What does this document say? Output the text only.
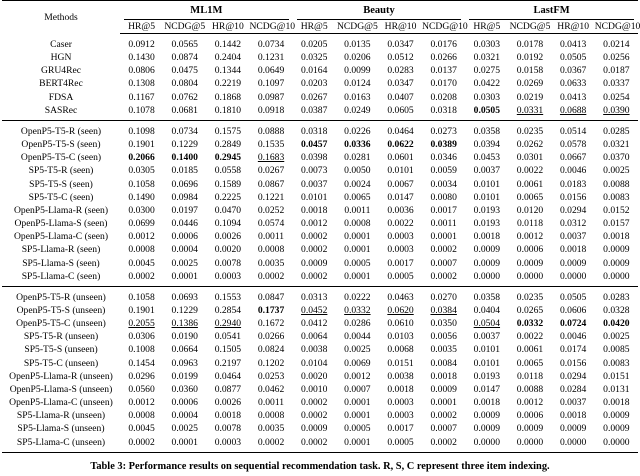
Methods	ML1M				Beauty				LastFM			

	HR@5	NCDG@5	HR@10	NCDG@10	HR@5	NCDG@5	HR@10	NCDG@10	HR@5	NCDG@5	HR@10	NCDG@10
Caser	0.0912	0.0565	0.1442	0.0734	0.0205	0.0135	0.0347	0.0176	0.0303	0.0178	0.0413	0.0214
HGN	0.1430	0.0874	0.2404	0.1231	0.0325	0.0206	0.0512	0.0266	0.0321	0.0192	0.0505	0.0256
GRU4Rec	0.0806	0.0475	0.1344	0.0649	0.0164	0.0099	0.0283	0.0137	0.0275	0.0158	0.0367	0.0187
BERT4Rec	0.1308	0.0804	0.2219	0.1097	0.0203	0.0124	0.0347	0.0170	0.0422	0.0269	0.0633	0.0337
FDSA	0.1167	0.0762	0.1868	0.0987	0.0267	0.0163	0.0407	0.0208	0.0303	0.0219	0.0413	0.0254
SASRec	0.1078	0.0681	0.1810	0.0918	0.0387	0.0249	0.0605	0.0318	0.0505	0.0331	0.0688	0.0390
OpenP5-T5-R (seen)	0.1098	0.0734	0.1575	0.0888	0.0318	0.0226	0.0464	0.0273	0.0358	0.0235	0.0514	0.0285
OpenP5-T5-S (seen)	0.1901	0.1229	0.2849	0.1535	0.0457	0.0336	0.0622	0.0389	0.0394	0.0262	0.0578	0.0321
OpenP5-T5-C (seen)	0.2066	0.1400	0.2945	0.1683	0.0398	0.0281	0.0601	0.0346	0.0453	0.0301	0.0667	0.0370
SP5-T5-R (seen)	0.0305	0.0185	0.0558	0.0267	0.0073	0.0050	0.0101	0.0059	0.0037	0.0022	0.0046	0.0025
SP5-T5-S (seen)	0.1058	0.0696	0.1589	0.0867	0.0037	0.0024	0.0067	0.0034	0.0101	0.0061	0.0183	0.0088
SP5-T5-C (seen)	0.1490	0.0984	0.2225	0.1221	0.0101	0.0065	0.0147	0.0080	0.0101	0.0065	0.0156	0.0083
OpenP5-Llama-R (seen)	0.0300	0.0197	0.0470	0.0252	0.0018	0.0011	0.0036	0.0017	0.0193	0.0120	0.0294	0.0152
OpenP5-Llama-S (seen)	0.0699	0.0446	0.1094	0.0574	0.0012	0.0008	0.0022	0.0011	0.0193	0.0118	0.0312	0.0157
OpenP5-Llama-C (seen)	0.0012	0.0006	0.0026	0.0011	0.0002	0.0001	0.0003	0.0001	0.0018	0.0012	0.0037	0.0018
SP5-Llama-R (seen)	0.0008	0.0004	0.0020	0.0008	0.0002	0.0001	0.0003	0.0002	0.0009	0.0006	0.0018	0.0009
SP5-Llama-S (seen)	0.0045	0.0025	0.0078	0.0035	0.0009	0.0005	0.0017	0.0007	0.0009	0.0009	0.0009	0.0009
SP5-Llama-C (seen)	0.0002	0.0001	0.0003	0.0002	0.0002	0.0001	0.0005	0.0002	0.0000	0.0000	0.0000	0.0000
OpenP5-T5-R (unseen)	0.1058	0.0693	0.1553	0.0847	0.0313	0.0222	0.0463	0.0270	0.0358	0.0235	0.0505	0.0283
OpenP5-T5-S (unseen)	0.1901	0.1229	0.2854	0.1737	0.0452	0.0332	0.0620	0.0384	0.0404	0.0265	0.0606	0.0328
OpenP5-T5-C (unseen)	0.2055	0.1386	0.2940	0.1672	0.0412	0.0286	0.0610	0.0350	0.0504	0.0332	0.0724	0.0420
SP5-T5-R (unseen)	0.0306	0.0190	0.0541	0.0266	0.0064	0.0044	0.0103	0.0056	0.0037	0.0022	0.0046	0.0025
SP5-T5-S (unseen)	0.1008	0.0664	0.1505	0.0824	0.0038	0.0025	0.0068	0.0035	0.0101	0.0061	0.0174	0.0085
SP5-T5-C (unseen)	0.1454	0.0963	0.2197	0.1202	0.0104	0.0069	0.0151	0.0084	0.0101	0.0065	0.0156	0.0083
OpenP5-Llama-R (unseen)	0.0296	0.0199	0.0464	0.0253	0.0020	0.0012	0.0038	0.0018	0.0193	0.0118	0.0294	0.0151
OpenP5-Llama-S (unseen)	0.0560	0.0360	0.0877	0.0462	0.0010	0.0007	0.0018	0.0009	0.0147	0.0088	0.0284	0.0131
OpenP5-Llama-C (unseen)	0.0012	0.0006	0.0026	0.0011	0.0002	0.0001	0.0003	0.0001	0.0018	0.0012	0.0037	0.0018
SP5-Llama-R (unseen)	0.0008	0.0004	0.0018	0.0008	0.0002	0.0001	0.0003	0.0002	0.0009	0.0006	0.0018	0.0009
SP5-Llama-S (unseen)	0.0045	0.0025	0.0078	0.0035	0.0009	0.0005	0.0017	0.0007	0.0009	0.0009	0.0009	0.0009
SP5-Llama-C (unseen)	0.0002	0.0001	0.0003	0.0002	0.0002	0.0001	0.0005	0.0002	0.0000	0.0000	0.0000	0.0000
Table 3: Performance results on sequential recommendation task. R, S, C represent three item indexing.
